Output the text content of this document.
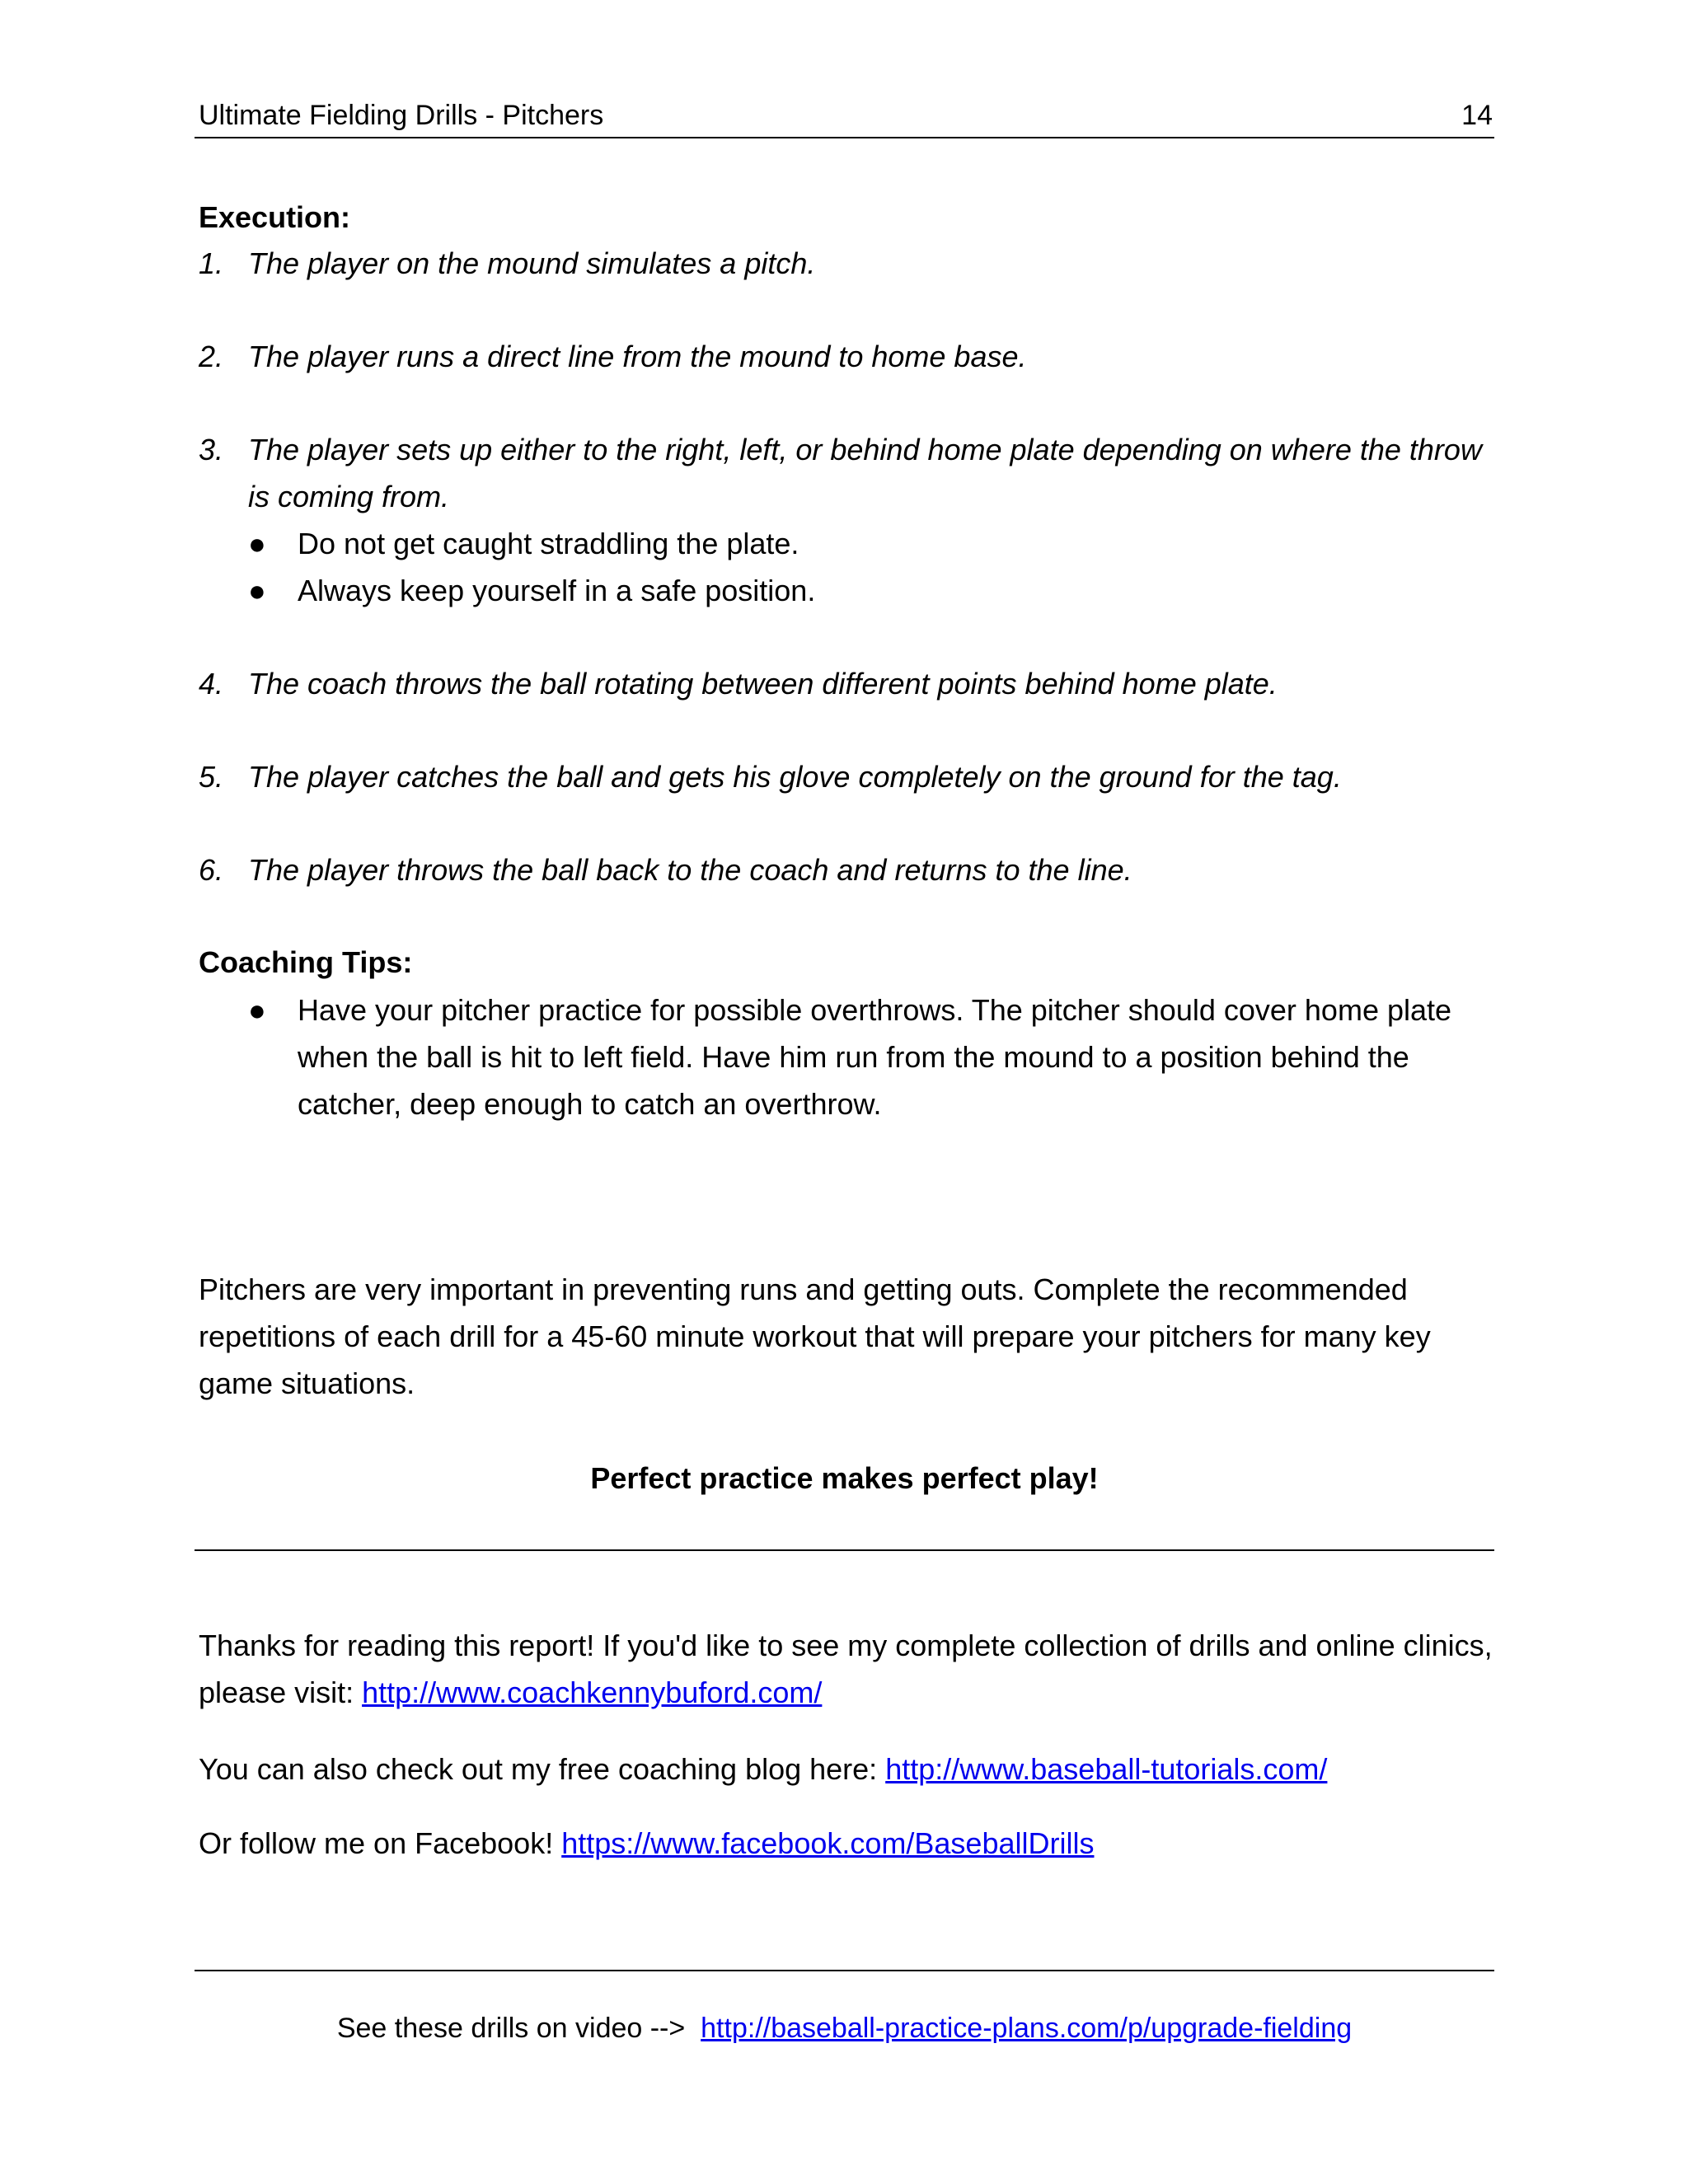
Ultimate Fielding Drills - Pitchers	14
Execution:
1. The player on the mound simulates a pitch.
2. The player runs a direct line from the mound to home base.
3. The player sets up either to the right, left, or behind home plate depending on where the throw is coming from.
●	Do not get caught straddling the plate.
●	Always keep yourself in a safe position.
4. The coach throws the ball rotating between different points behind home plate.
5. The player catches the ball and gets his glove completely on the ground for the tag.
6. The player throws the ball back to the coach and returns to the line.
Coaching Tips:
●	Have your pitcher practice for possible overthrows. The pitcher should cover home plate when the ball is hit to left field. Have him run from the mound to a position behind the catcher, deep enough to catch an overthrow.
Pitchers are very important in preventing runs and getting outs. Complete the recommended repetitions of each drill for a 45-60 minute workout that will prepare your pitchers for many key game situations.
Perfect practice makes perfect play!
Thanks for reading this report! If you'd like to see my complete collection of drills and online clinics, please visit: http://www.coachkennybuford.com/
You can also check out my free coaching blog here: http://www.baseball-tutorials.com/
Or follow me on Facebook! https://www.facebook.com/BaseballDrills
See these drills on video -->  http://baseball-practice-plans.com/p/upgrade-fielding
